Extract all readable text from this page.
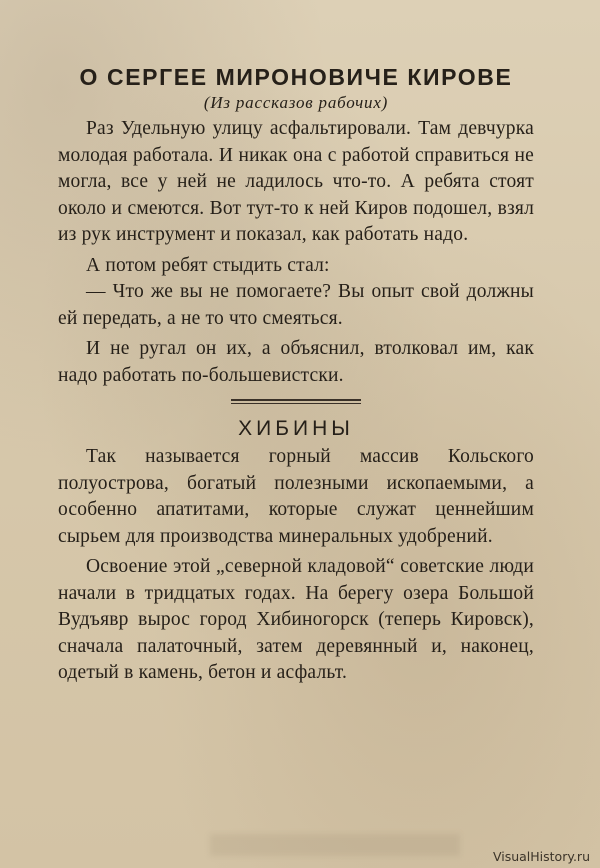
О СЕРГЕЕ МИРОНОВИЧЕ КИРОВЕ
(Из рассказов рабочих)

Раз Удельную улицу асфальтировали. Там девчурка молодая работала. И никак она с работой справиться не могла, все у ней не ладилось что-то. А ребята стоят около и смеются. Вот тут-то к ней Киров подошел, взял из рук инструмент и показал, как работать надо.

А потом ребят стыдить стал:

— Что же вы не помогаете? Вы опыт свой должны ей передать, а не то что смеяться.

И не ругал он их, а объяснил, втолковал им, как надо работать по-большевистски.

ХИБИНЫ

Так называется горный массив Кольского полуострова, богатый полезными ископаемыми, а особенно апатитами, которые служат ценнейшим сырьем для производства минеральных удобрений.

Освоение этой „северной кладовой“ советские люди начали в тридцатых годах. На берегу озера Большой Вудъявр вырос город Хибиногорск (теперь Кировск), сначала палаточный, затем деревянный и, наконец, одетый в камень, бетон и асфальт.

VisualHistory.ru
